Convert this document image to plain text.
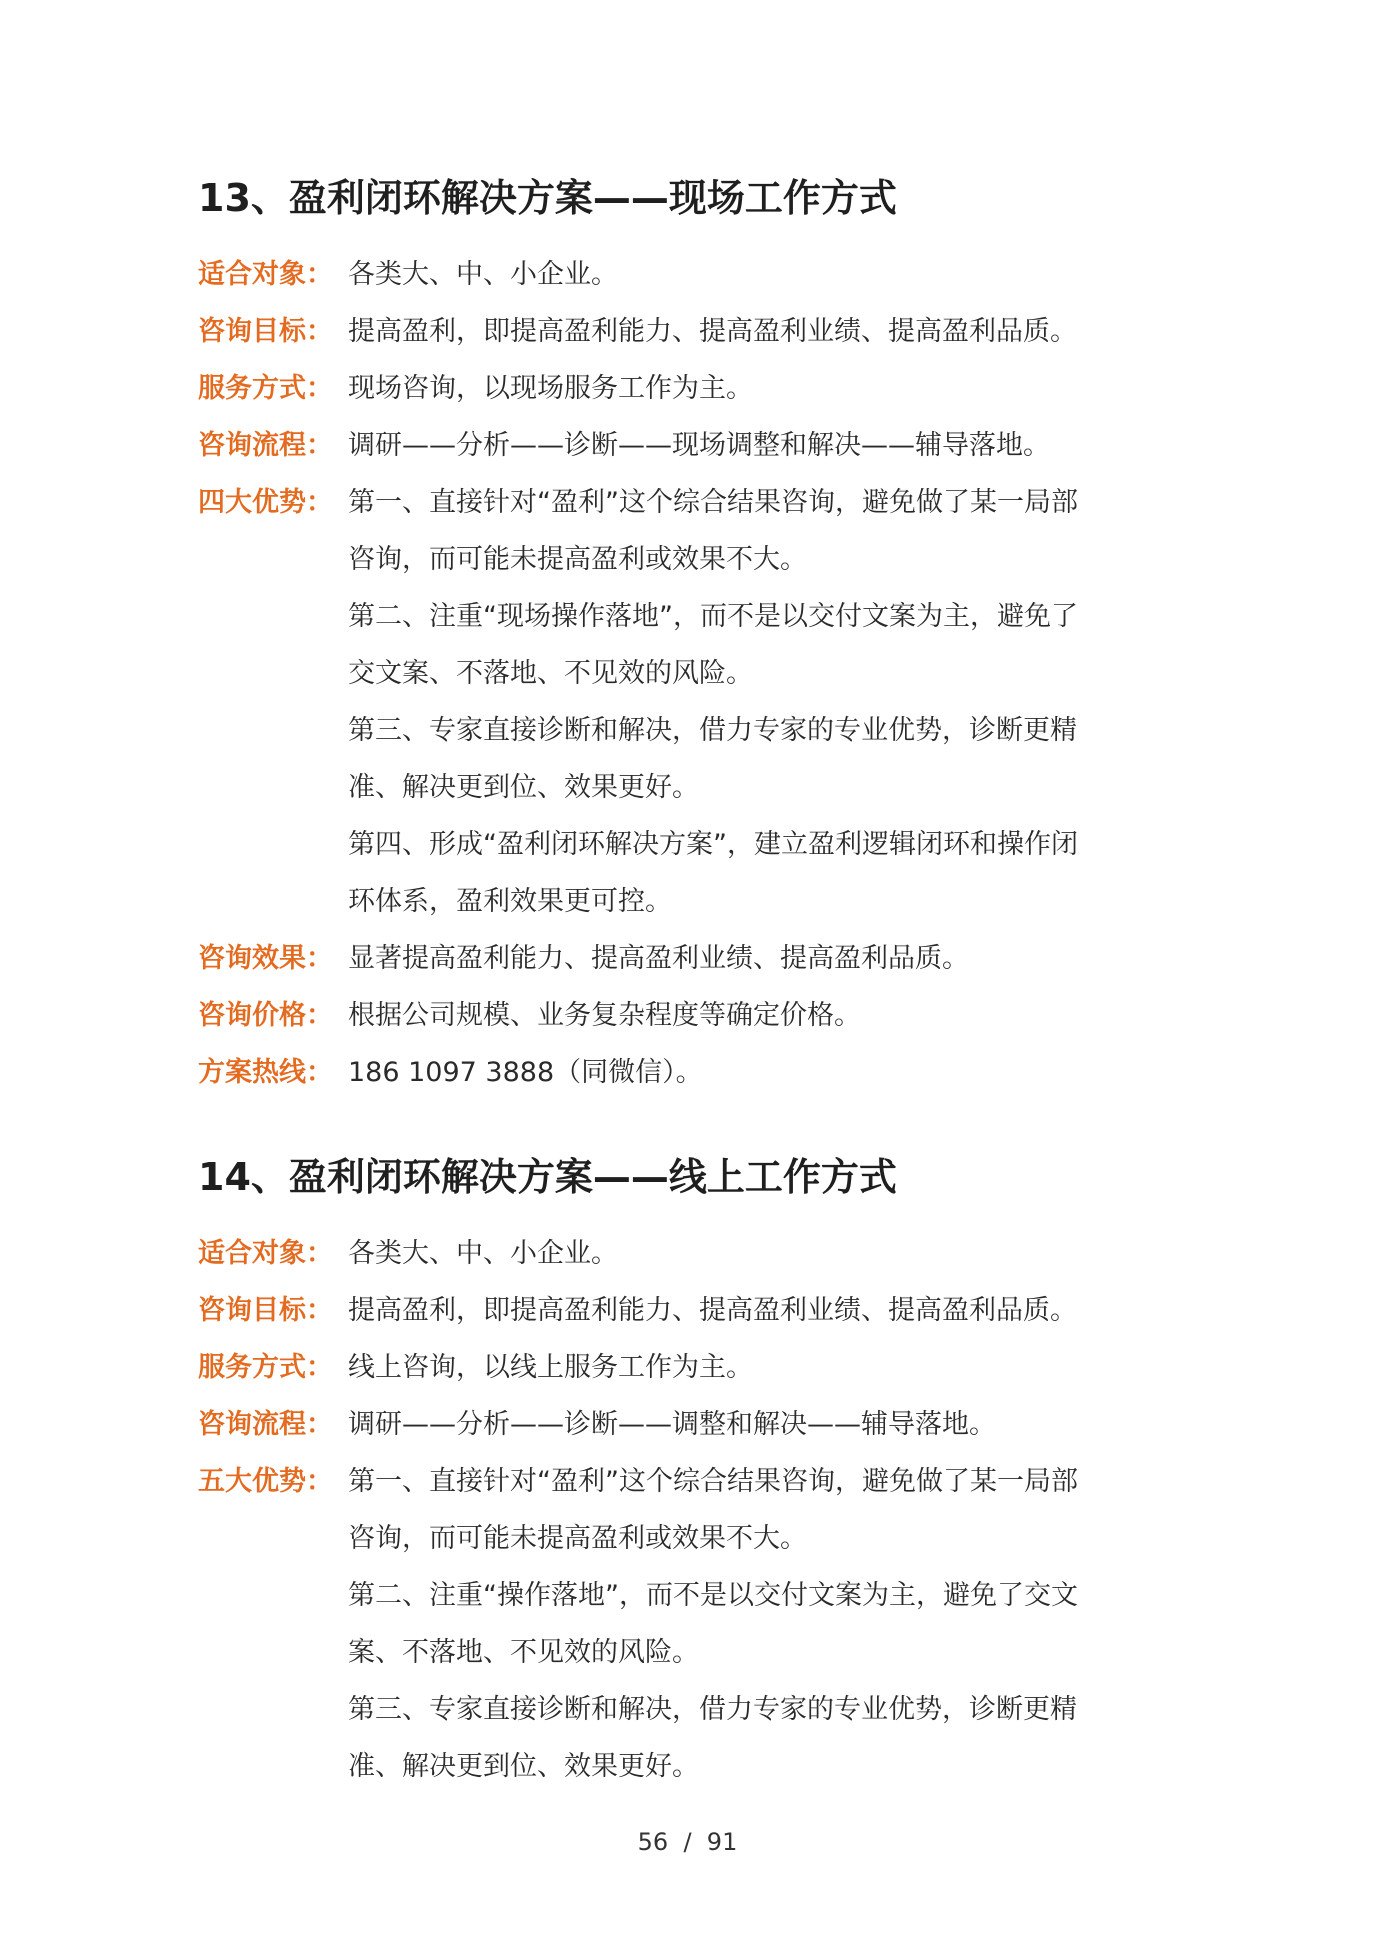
13、盈利闭环解决方案——现场工作方式
适合对象： 各类大、中、小企业。
咨询目标： 提高盈利，即提高盈利能力、提高盈利业绩、提高盈利品质。
服务方式： 现场咨询，以现场服务工作为主。
咨询流程： 调研——分析——诊断——现场调整和解决——辅导落地。
四大优势： 第一、直接针对“盈利”这个综合结果咨询，避免做了某一局部
咨询，而可能未提高盈利或效果不大。
第二、注重“现场操作落地”，而不是以交付文案为主，避免了
交文案、不落地、不见效的风险。
第三、专家直接诊断和解决，借力专家的专业优势，诊断更精
准、解决更到位、效果更好。
第四、形成“盈利闭环解决方案”，建立盈利逻辑闭环和操作闭
环体系，盈利效果更可控。
咨询效果： 显著提高盈利能力、提高盈利业绩、提高盈利品质。
咨询价格： 根据公司规模、业务复杂程度等确定价格。
方案热线： 186 1097 3888（同微信）。
14、盈利闭环解决方案——线上工作方式
适合对象： 各类大、中、小企业。
咨询目标： 提高盈利，即提高盈利能力、提高盈利业绩、提高盈利品质。
服务方式： 线上咨询，以线上服务工作为主。
咨询流程： 调研——分析——诊断——调整和解决——辅导落地。
五大优势： 第一、直接针对“盈利”这个综合结果咨询，避免做了某一局部
咨询，而可能未提高盈利或效果不大。
第二、注重“操作落地”，而不是以交付文案为主，避免了交文
案、不落地、不见效的风险。
第三、专家直接诊断和解决，借力专家的专业优势，诊断更精
准、解决更到位、效果更好。
56  /  91
